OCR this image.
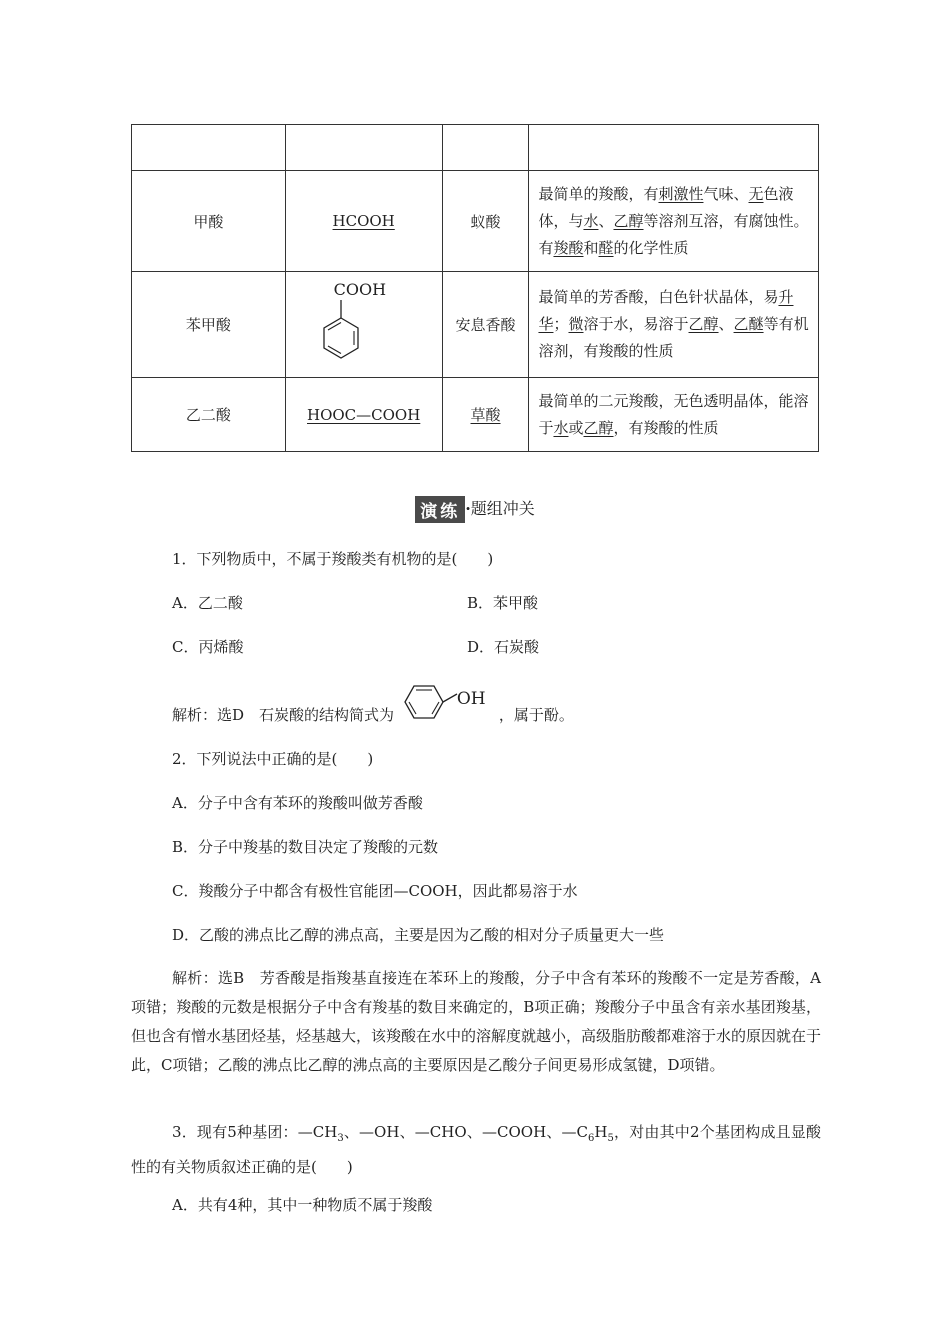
甲酸	HCOOH	蚁酸	最简单的羧酸，有刺激性气味、无色液体，与水、乙醇等溶剂互溶，有腐蚀性。有羧酸和醛的化学性质
苯甲酸	COOH	安息香酸	最简单的芳香酸，白色针状晶体，易升华；微溶于水，易溶于乙醇、乙醚等有机溶剂，有羧酸的性质
乙二酸	HOOC—COOH	草酸	最简单的二元羧酸，无色透明晶体，能溶于水或乙醇，有羧酸的性质
演练 ·题组冲关
1．下列物质中，不属于羧酸类有机物的是(　　)
A．乙二酸	B．苯甲酸
C．丙烯酸	D．石炭酸
解析：选D　石炭酸的结构简式为
OH
，属于酚。
2．下列说法中正确的是(　　)
A．分子中含有苯环的羧酸叫做芳香酸
B．分子中羧基的数目决定了羧酸的元数
C．羧酸分子中都含有极性官能团—COOH，因此都易溶于水
D．乙酸的沸点比乙醇的沸点高，主要是因为乙酸的相对分子质量更大一些
解析：选B　芳香酸是指羧基直接连在苯环上的羧酸，分子中含有苯环的羧酸不一定是芳香酸，A项错；羧酸的元数是根据分子中含有羧基的数目来确定的，B项正确；羧酸分子中虽含有亲水基团羧基，但也含有憎水基团烃基，烃基越大，该羧酸在水中的溶解度就越小，高级脂肪酸都难溶于水的原因就在于此，C项错；乙酸的沸点比乙醇的沸点高的主要原因是乙酸分子间更易形成氢键，D项错。
3．现有5种基团：$—CH_3$、—OH、—CHO、—COOH、$—C_6H_5$，对由其中2个基团构成且显酸性的有关物质叙述正确的是(　　)
A．共有4种，其中一种物质不属于羧酸
